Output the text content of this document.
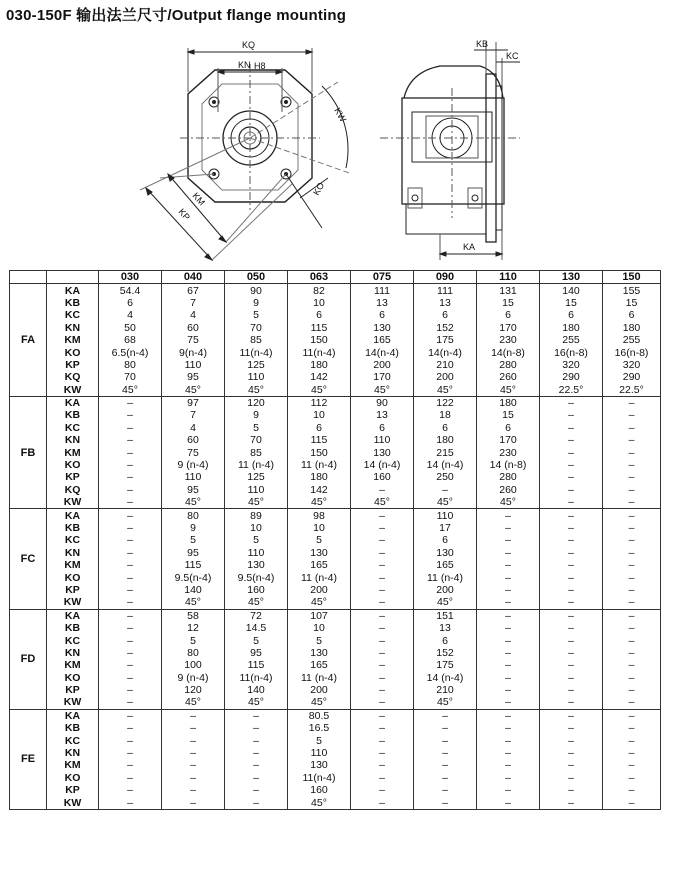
030-150F 输出法兰尺寸/Output flange mounting
KQ
KN H8
KW
KM
KP
KO
KB
KC
KA
		030	040	050	063	075	090	110	130	150
FA	KA	54.4	67	90	82	111	111	131	140	155
	KB	6	7	9	10	13	13	15	15	15
	KC	4	4	5	6	6	6	6	6	6
	KN	50	60	70	115	130	152	170	180	180
	KM	68	75	85	150	165	175	230	255	255
	KO	6.5(n-4)	9(n-4)	11(n-4)	11(n-4)	14(n-4)	14(n-4)	14(n-8)	16(n-8)	16(n-8)
	KP	80	110	125	180	200	210	280	320	320
	KQ	70	95	110	142	170	200	260	290	290
	KW	45°	45°	45°	45°	45°	45°	45°	22.5°	22.5°
FB	KA	–	97	120	112	90	122	180	–	–
	KB	–	7	9	10	13	18	15	–	–
	KC	–	4	5	6	6	6	6	–	–
	KN	–	60	70	115	110	180	170	–	–
	KM	–	75	85	150	130	215	230	–	–
	KO	–	9 (n-4)	11 (n-4)	11 (n-4)	14 (n-4)	14 (n-4)	14 (n-8)	–	–
	KP	–	110	125	180	160	250	280	–	–
	KQ	–	95	110	142	–	–	260	–	–
	KW	–	45°	45°	45°	45°	45°	45°	–	–
FC	KA	–	80	89	98	–	110	–	–	–
	KB	–	9	10	10	–	17	–	–	–
	KC	–	5	5	5	–	6	–	–	–
	KN	–	95	110	130	–	130	–	–	–
	KM	–	115	130	165	–	165	–	–	–
	KO	–	9.5(n-4)	9.5(n-4)	11 (n-4)	–	11 (n-4)	–	–	–
	KP	–	140	160	200	–	200	–	–	–
	KW	–	45°	45°	45°	–	45°	–	–	–
FD	KA	–	58	72	107	–	151	–	–	–
	KB	–	12	14.5	10	–	13	–	–	–
	KC	–	5	5	5	–	6	–	–	–
	KN	–	80	95	130	–	152	–	–	–
	KM	–	100	115	165	–	175	–	–	–
	KO	–	9 (n-4)	11(n-4)	11 (n-4)	–	14 (n-4)	–	–	–
	KP	–	120	140	200	–	210	–	–	–
	KW	–	45°	45°	45°	–	45°	–	–	–
FE	KA	–	–	–	80.5	–	–	–	–	–
	KB	–	–	–	16.5	–	–	–	–	–
	KC	–	–	–	5	–	–	–	–	–
	KN	–	–	–	110	–	–	–	–	–
	KM	–	–	–	130	–	–	–	–	–
	KO	–	–	–	11(n-4)	–	–	–	–	–
	KP	–	–	–	160	–	–	–	–	–
	KW	–	–	–	45°	–	–	–	–	–
